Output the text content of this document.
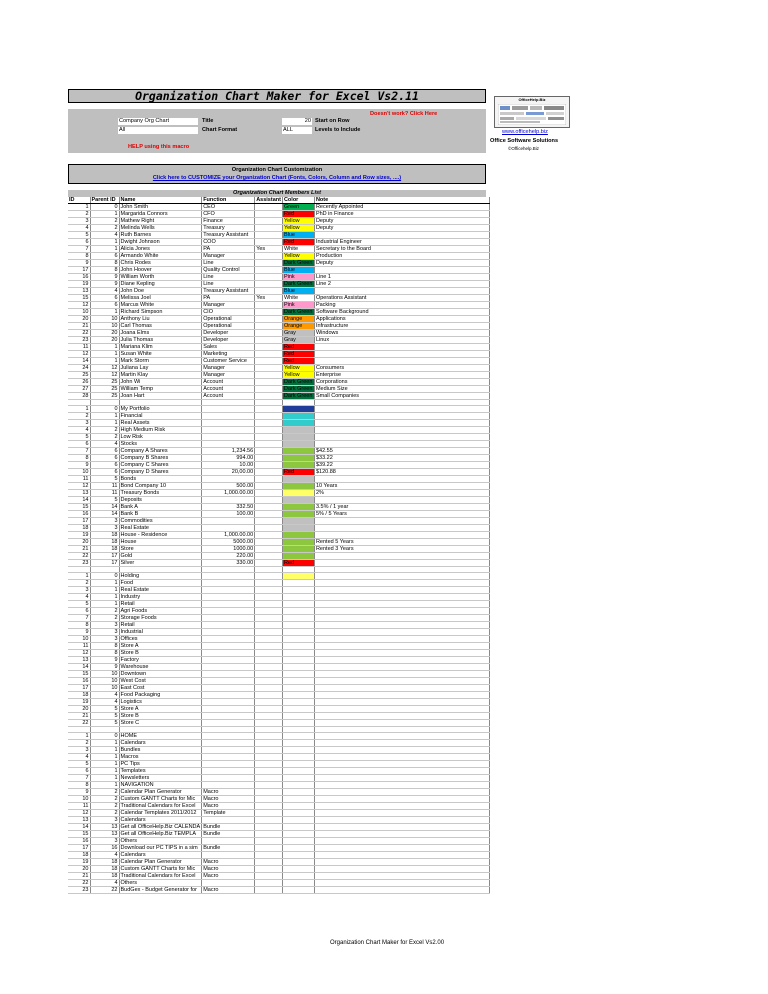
Organization Chart Maker for Excel Vs2.11	OfficeHelp.Biz
Doesn't work? Click Here
Company Org Chart	Title	20 Start on Row
All	Chart Format	ALL	Levels to Include
HELP using this macro
www.officehelp.biz
Office Software Solutions
©Officehelp.Biz
Organization Chart Customization
Click here to CUSTOMIZE your Organization Chart (Fonts, Colors, Column and Row sizes, ....)
Organization Chart Members List
ID	Parent ID	Name	Function	Assistant	Color	Note
1	0	John Smith	CEO		Green	Recently Appointed
2	1	Margarida Connors	CFO		Red	PhD in Finance
3	2	Mathew Right	Finance		Yellow	Deputy
4	2	Melinda Wells	Treasury		Yellow	Deputy
5	4	Ruth Barnes	Treasury Assistant		Blue	
6	1	Dwight Johnson	COO		Red	Industrial Engineer
7	1	Alicia Jones	PA	Yes	White	Secretary to the Board
8	6	Armando White	Manager		Yellow	Production
9	8	Chris Rodes	Line		Dark Green	Deputy
17	8	John Hoover	Quality Control		Blue	
16	9	William Worth	Line		Pink	Line 1
19	9	Diane Kepling	Line		Dark Green	Line 2
13	4	John Doe	Treasury Assistant		Blue	
15	6	Melissa Joel	PA	Yes	White	Operations Assistant
12	6	Marcus White	Manager		Pink	Packing
10	1	Richard Simpson	CIO		Dark Green	Software Background
20	10	Anthony Liu	Operational		Orange	Applications
21	10	Carl Thomas	Operational		Orange	Infrastructure
22	20	Joana Elms	Developer		Gray	Windows
23	20	Julia Thomas	Developer		Gray	Linux
11	1	Mariana Klim	Sales		Red	
12	1	Susan White	Marketing		Red	
14	1	Mark Storm	Customer Service		Red	
24	12	Juliana Lay	Manager		Yellow	Consumers
25	12	Martin Klay	Manager		Yellow	Enterprise
26	25	John Wi	Account		Dark Green	Corporations
27	25	William Temp	Account		Dark Green	Medium Size
28	25	Joan Hart	Account		Dark Green	Small Companies

1	0	My Portfolio				
2	1	Financial				
3	1	Real Assets				
4	2	High Medium Risk				
5	2	Low Risk				
6	4	Stocks				
7	6	Company A Shares	1,234.56			$42.55
8	6	Company B Shares	994.00			$33.22
9	6	Company C Shares	10.00			$39.22
10	6	Company D Shares	20,00.00		Red	$120.88
11	5	Bonds				
12	11	Bond Company 10	500.00			10 Years
13	11	Treasury Bonds	1,000.00.00			2%
14	5	Deposits				
15	14	Bank A	332.50			3.5% / 1 year
16	14	Bank B	100.00			5% / 5 Years
17	3	Commodities				
18	3	Real Estate				
19	18	House - Residence	1,000.00.00			
20	18	House	5000.00			Rented 5 Years
21	18	Store	1000.00			Rented 3 Years
22	17	Gold	220.00			
23	17	Silver	330.00		Red	

1	0	Holding				
2	1	Food				
3	1	Real Estate				
4	1	Industry				
5	1	Retail				
6	2	Agri Foods				
7	2	Storage Foods				
8	3	Retail				
9	3	Industrial				
10	3	Offices				
11	8	Store A				
12	8	Store B				
13	9	Factory				
14	9	Warehouse				
15	10	Downtown				
16	10	West Cost				
17	10	East Cost				
18	4	Food Packaging				
19	4	Logistics				
20	5	Store A				
21	5	Store B				
22	5	Store C				

1	0	HOME				
2	1	Calendars				
3	1	Bundles				
4	1	Macros				
5	1	PC Tips				
6	1	Templates				
7	1	Newsletters				
8	1	NAVIGATION				
9	2	Calendar Plan Generator	Macro			
10	2	Custom GANTT Charts for Mic	Macro			
11	2	Traditional Calendars for Excel	Macro			
12	2	Calendar Templates 2011/2012	Template			
13	3	Calendars				
14	13	Get all OfficeHelp.Biz CALENDA	Bundle			
15	13	Get all OfficeHelp.Biz TEMPLA	Bundle			
16	3	Others				
17	16	Download our PC TIPS in a sim	Bundle			
18	4	Calendars				
19	18	Calendar Plan Generator	Macro			
20	18	Custom GANTT Charts for Mic	Macro			
21	18	Traditional Calendars for Excel	Macro			
22	4	Others				
23	22	BudGex - Budget Generator for	Macro			
Organization Chart Maker for Excel Vs2.00
